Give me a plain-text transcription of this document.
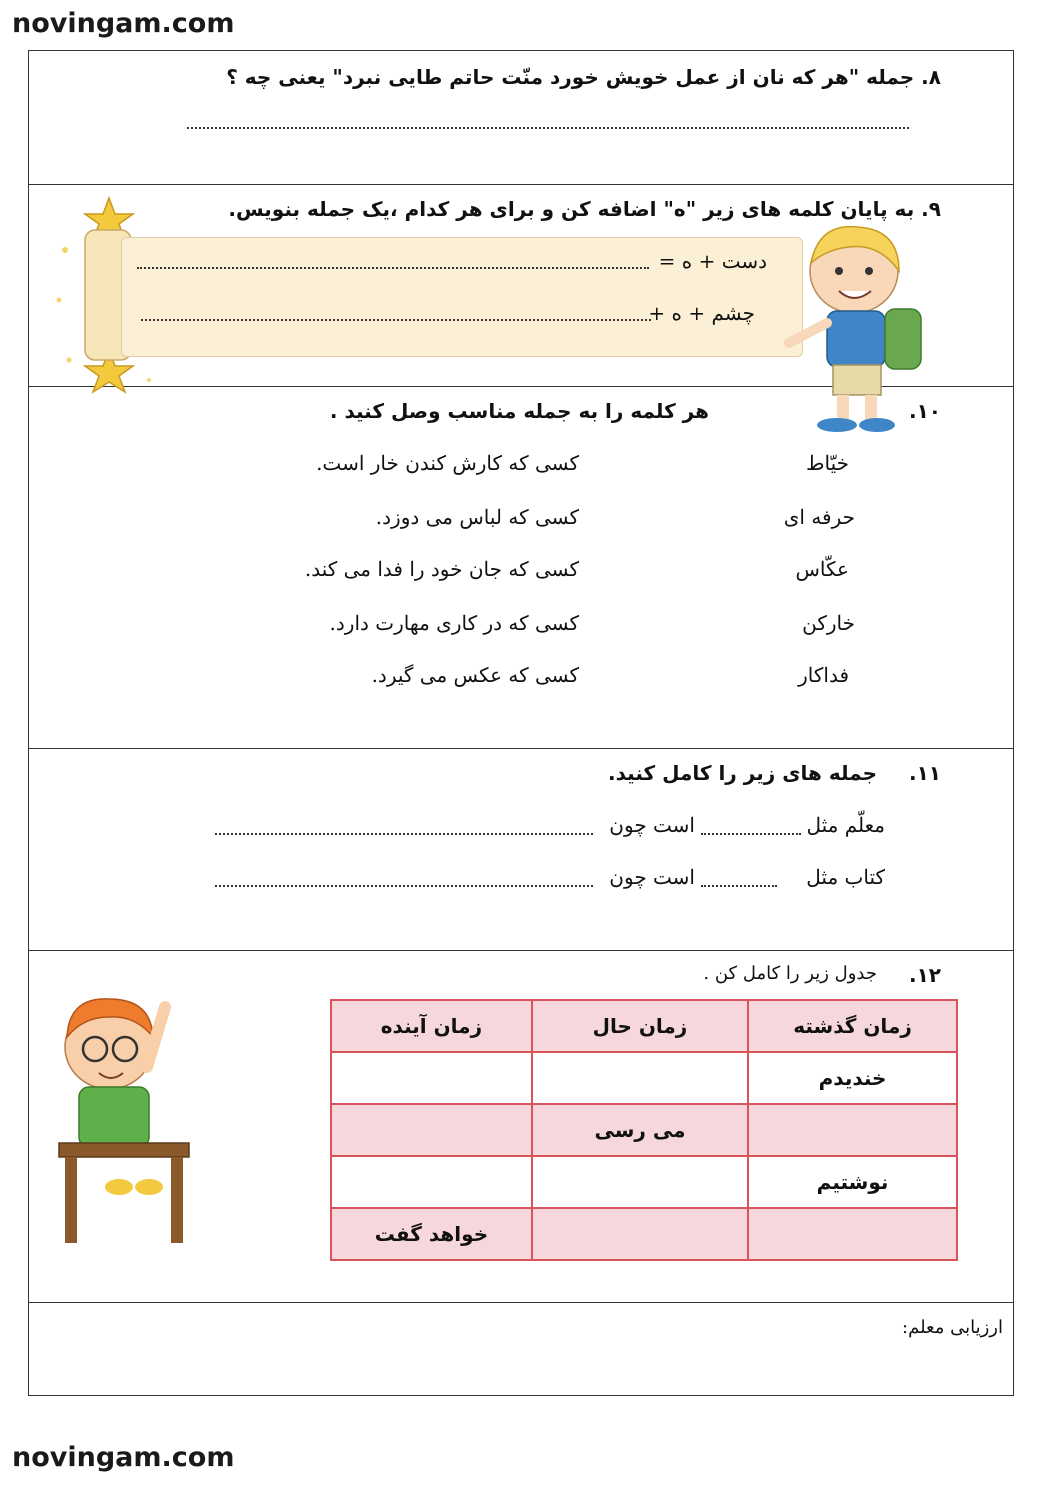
novingam.com
۸. جمله "هر که نان از عمل خویش خورد منّت حاتم طایی نبرد" یعنی چه ؟
۹. به پایان کلمه های زیر "ه" اضافه کن و برای هر کدام ،یک جمله بنویس.
دست + ه =
چشم + ه +
۱۰.
هر کلمه را به جمله مناسب وصل کنید .
خیّاط
حرفه ای
عکّاس
خارکن
فداکار
کسی که کارش کندن خار است.
کسی که لباس می دوزد.
کسی که جان خود را فدا می کند.
کسی که در کاری مهارت دارد.
کسی که عکس می گیرد.
۱۱.
جمله های زیر را کامل کنید.
معلّم مثل
است چون
کتاب مثل
است چون
۱۲.
جدول زیر را کامل کن .
زمان گذشته	زمان حال	زمان آینده
خندیدم		
	می رسی	
نوشتیم		
		خواهد گفت
ارزیابی معلم:
novingam.com
